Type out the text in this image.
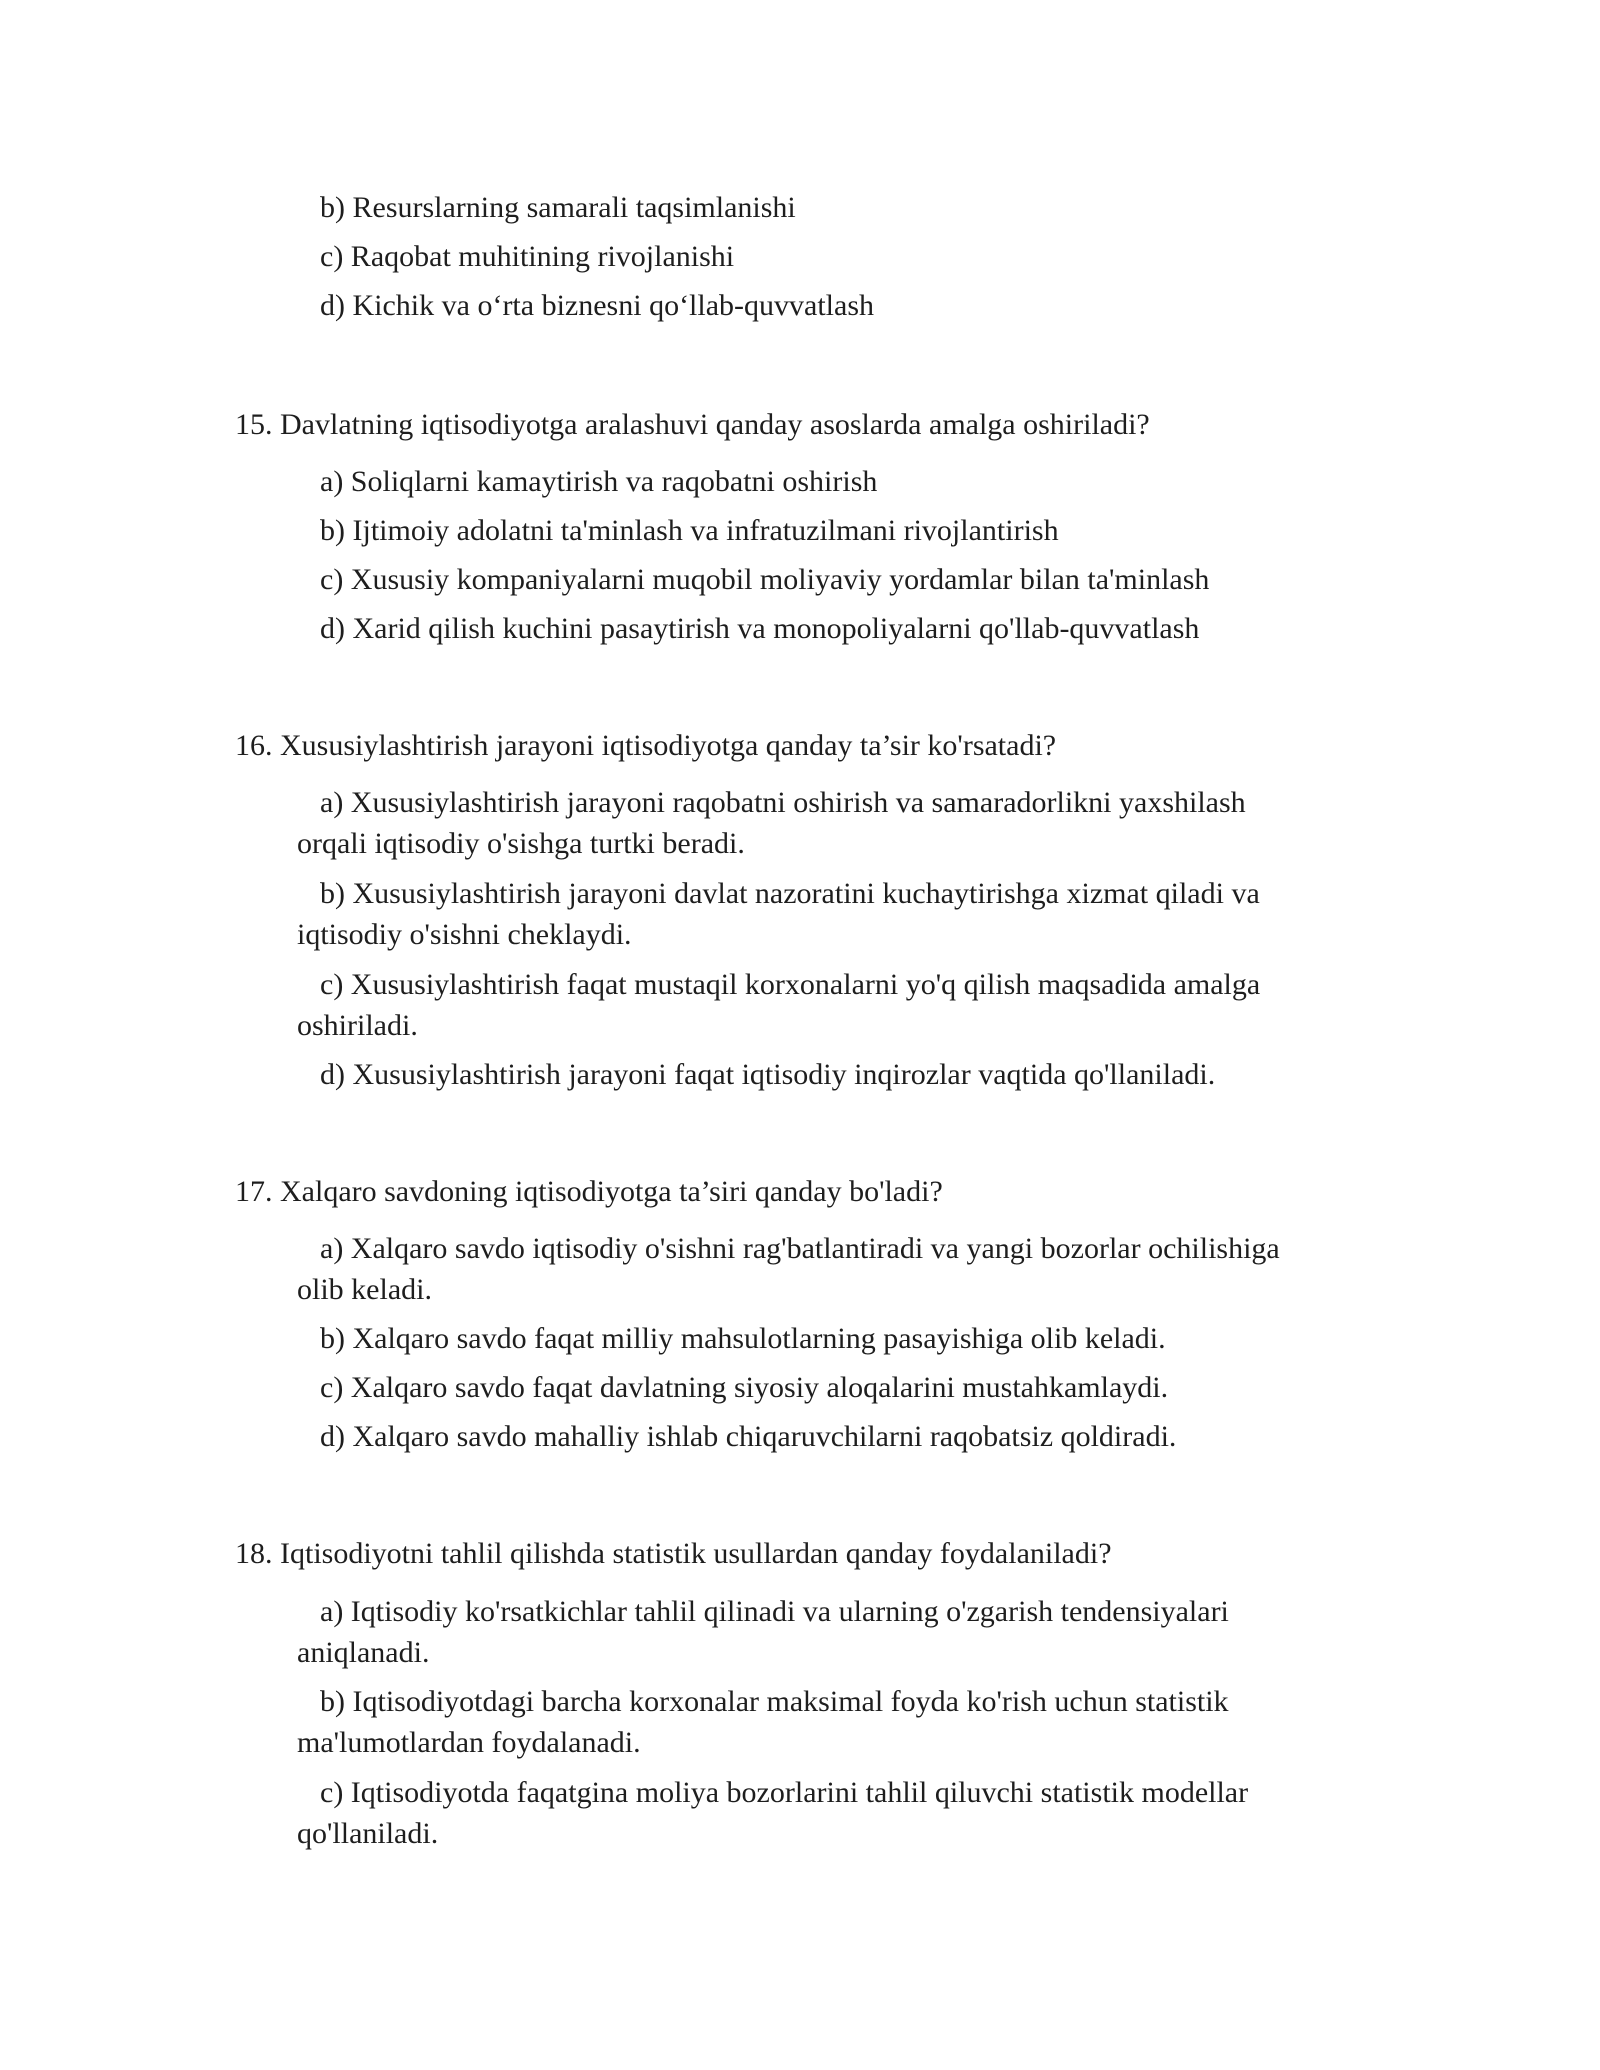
b) Resurslarning samarali taqsimlanishi
c) Raqobat muhitining rivojlanishi
d) Kichik va o‘rta biznesni qo‘llab-quvvatlash
15. Davlatning iqtisodiyotga aralashuvi qanday asoslarda amalga oshiriladi?
a) Soliqlarni kamaytirish va raqobatni oshirish
b) Ijtimoiy adolatni ta'minlash va infratuzilmani rivojlantirish
c) Xususiy kompaniyalarni muqobil moliyaviy yordamlar bilan ta'minlash
d) Xarid qilish kuchini pasaytirish va monopoliyalarni qo'llab-quvvatlash
16. Xususiylashtirish jarayoni iqtisodiyotga qanday ta’sir ko'rsatadi?
a) Xususiylashtirish jarayoni raqobatni oshirish va samaradorlikni yaxshilash
orqali iqtisodiy o'sishga turtki beradi.
b) Xususiylashtirish jarayoni davlat nazoratini kuchaytirishga xizmat qiladi va
iqtisodiy o'sishni cheklaydi.
c) Xususiylashtirish faqat mustaqil korxonalarni yo'q qilish maqsadida amalga
oshiriladi.
d) Xususiylashtirish jarayoni faqat iqtisodiy inqirozlar vaqtida qo'llaniladi.
17. Xalqaro savdoning iqtisodiyotga ta’siri qanday bo'ladi?
a) Xalqaro savdo iqtisodiy o'sishni rag'batlantiradi va yangi bozorlar ochilishiga
olib keladi.
b) Xalqaro savdo faqat milliy mahsulotlarning pasayishiga olib keladi.
c) Xalqaro savdo faqat davlatning siyosiy aloqalarini mustahkamlaydi.
d) Xalqaro savdo mahalliy ishlab chiqaruvchilarni raqobatsiz qoldiradi.
18. Iqtisodiyotni tahlil qilishda statistik usullardan qanday foydalaniladi?
a) Iqtisodiy ko'rsatkichlar tahlil qilinadi va ularning o'zgarish tendensiyalari
aniqlanadi.
b) Iqtisodiyotdagi barcha korxonalar maksimal foyda ko'rish uchun statistik
ma'lumotlardan foydalanadi.
c) Iqtisodiyotda faqatgina moliya bozorlarini tahlil qiluvchi statistik modellar
qo'llaniladi.
